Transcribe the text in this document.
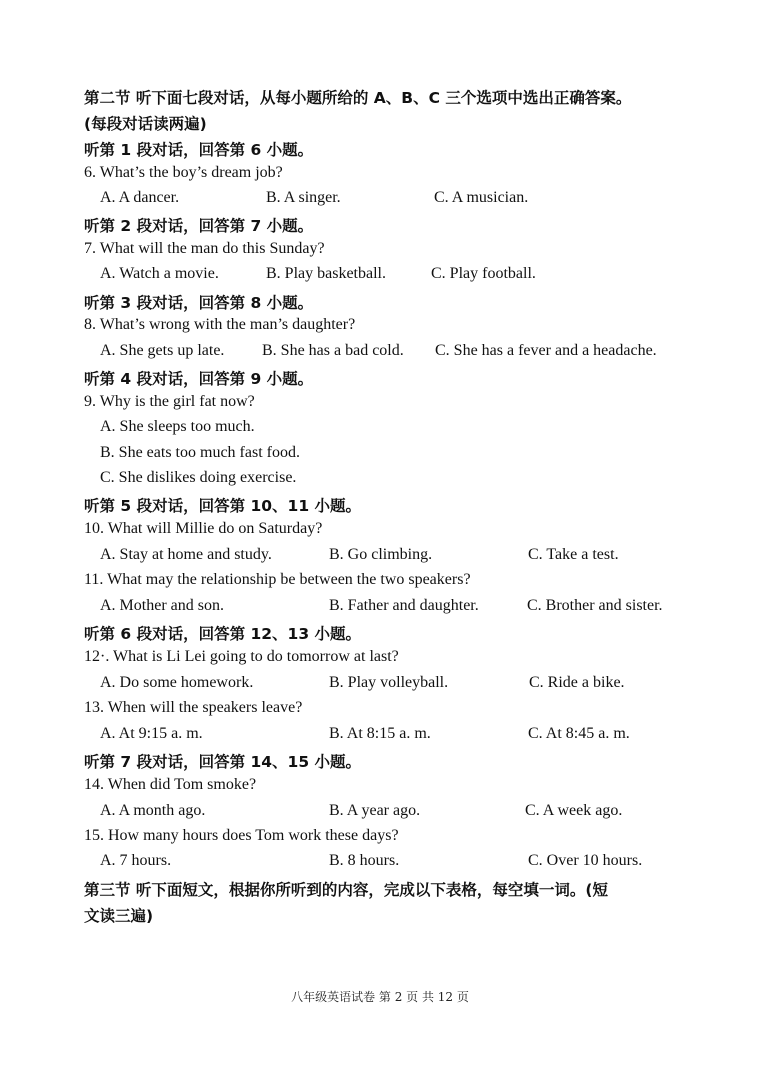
第二节 听下面七段对话，从每小题所给的 A、B、C 三个选项中选出正确答案。
(每段对话读两遍)
听第 1 段对话，回答第 6 小题。
6. What’s the boy’s dream job?
A. A dancer.	B. A singer.	C. A musician.
听第 2 段对话，回答第 7 小题。
7. What will the man do this Sunday?
A. Watch a movie.	B. Play basketball.	C. Play football.
听第 3 段对话，回答第 8 小题。
8. What’s wrong with the man’s daughter?
A. She gets up late. B. She has a bad cold. C. She has a fever and a headache.
听第 4 段对话，回答第 9 小题。
9. Why is the girl fat now?
A. She sleeps too much.
B. She eats too much fast food.
C. She dislikes doing exercise.
听第 5 段对话，回答第 10、11 小题。
10. What will Millie do on Saturday?
A. Stay at home and study.	B. Go climbing.	C. Take a test.
11. What may the relationship be between the two speakers?
A. Mother and son.	B. Father and daughter.	C. Brother and sister.
听第 6 段对话，回答第 12、13 小题。
12·. What is Li Lei going to do tomorrow at last?
A. Do some homework.	B. Play volleyball.	C. Ride a bike.
13. When will the speakers leave?
A. At 9:15 a. m.	B. At 8:15 a. m.	C. At 8:45 a. m.
听第 7 段对话，回答第 14、15 小题。
14. When did Tom smoke?
A. A month ago.	B. A year ago.	C. A week ago.
15. How many hours does Tom work these days?
A. 7 hours.	B. 8 hours.	C. Over 10 hours.
第三节 听下面短文，根据你所听到的内容，完成以下表格，每空填一词。(短
文读三遍)
八年级英语试卷 第 2 页 共 12 页
